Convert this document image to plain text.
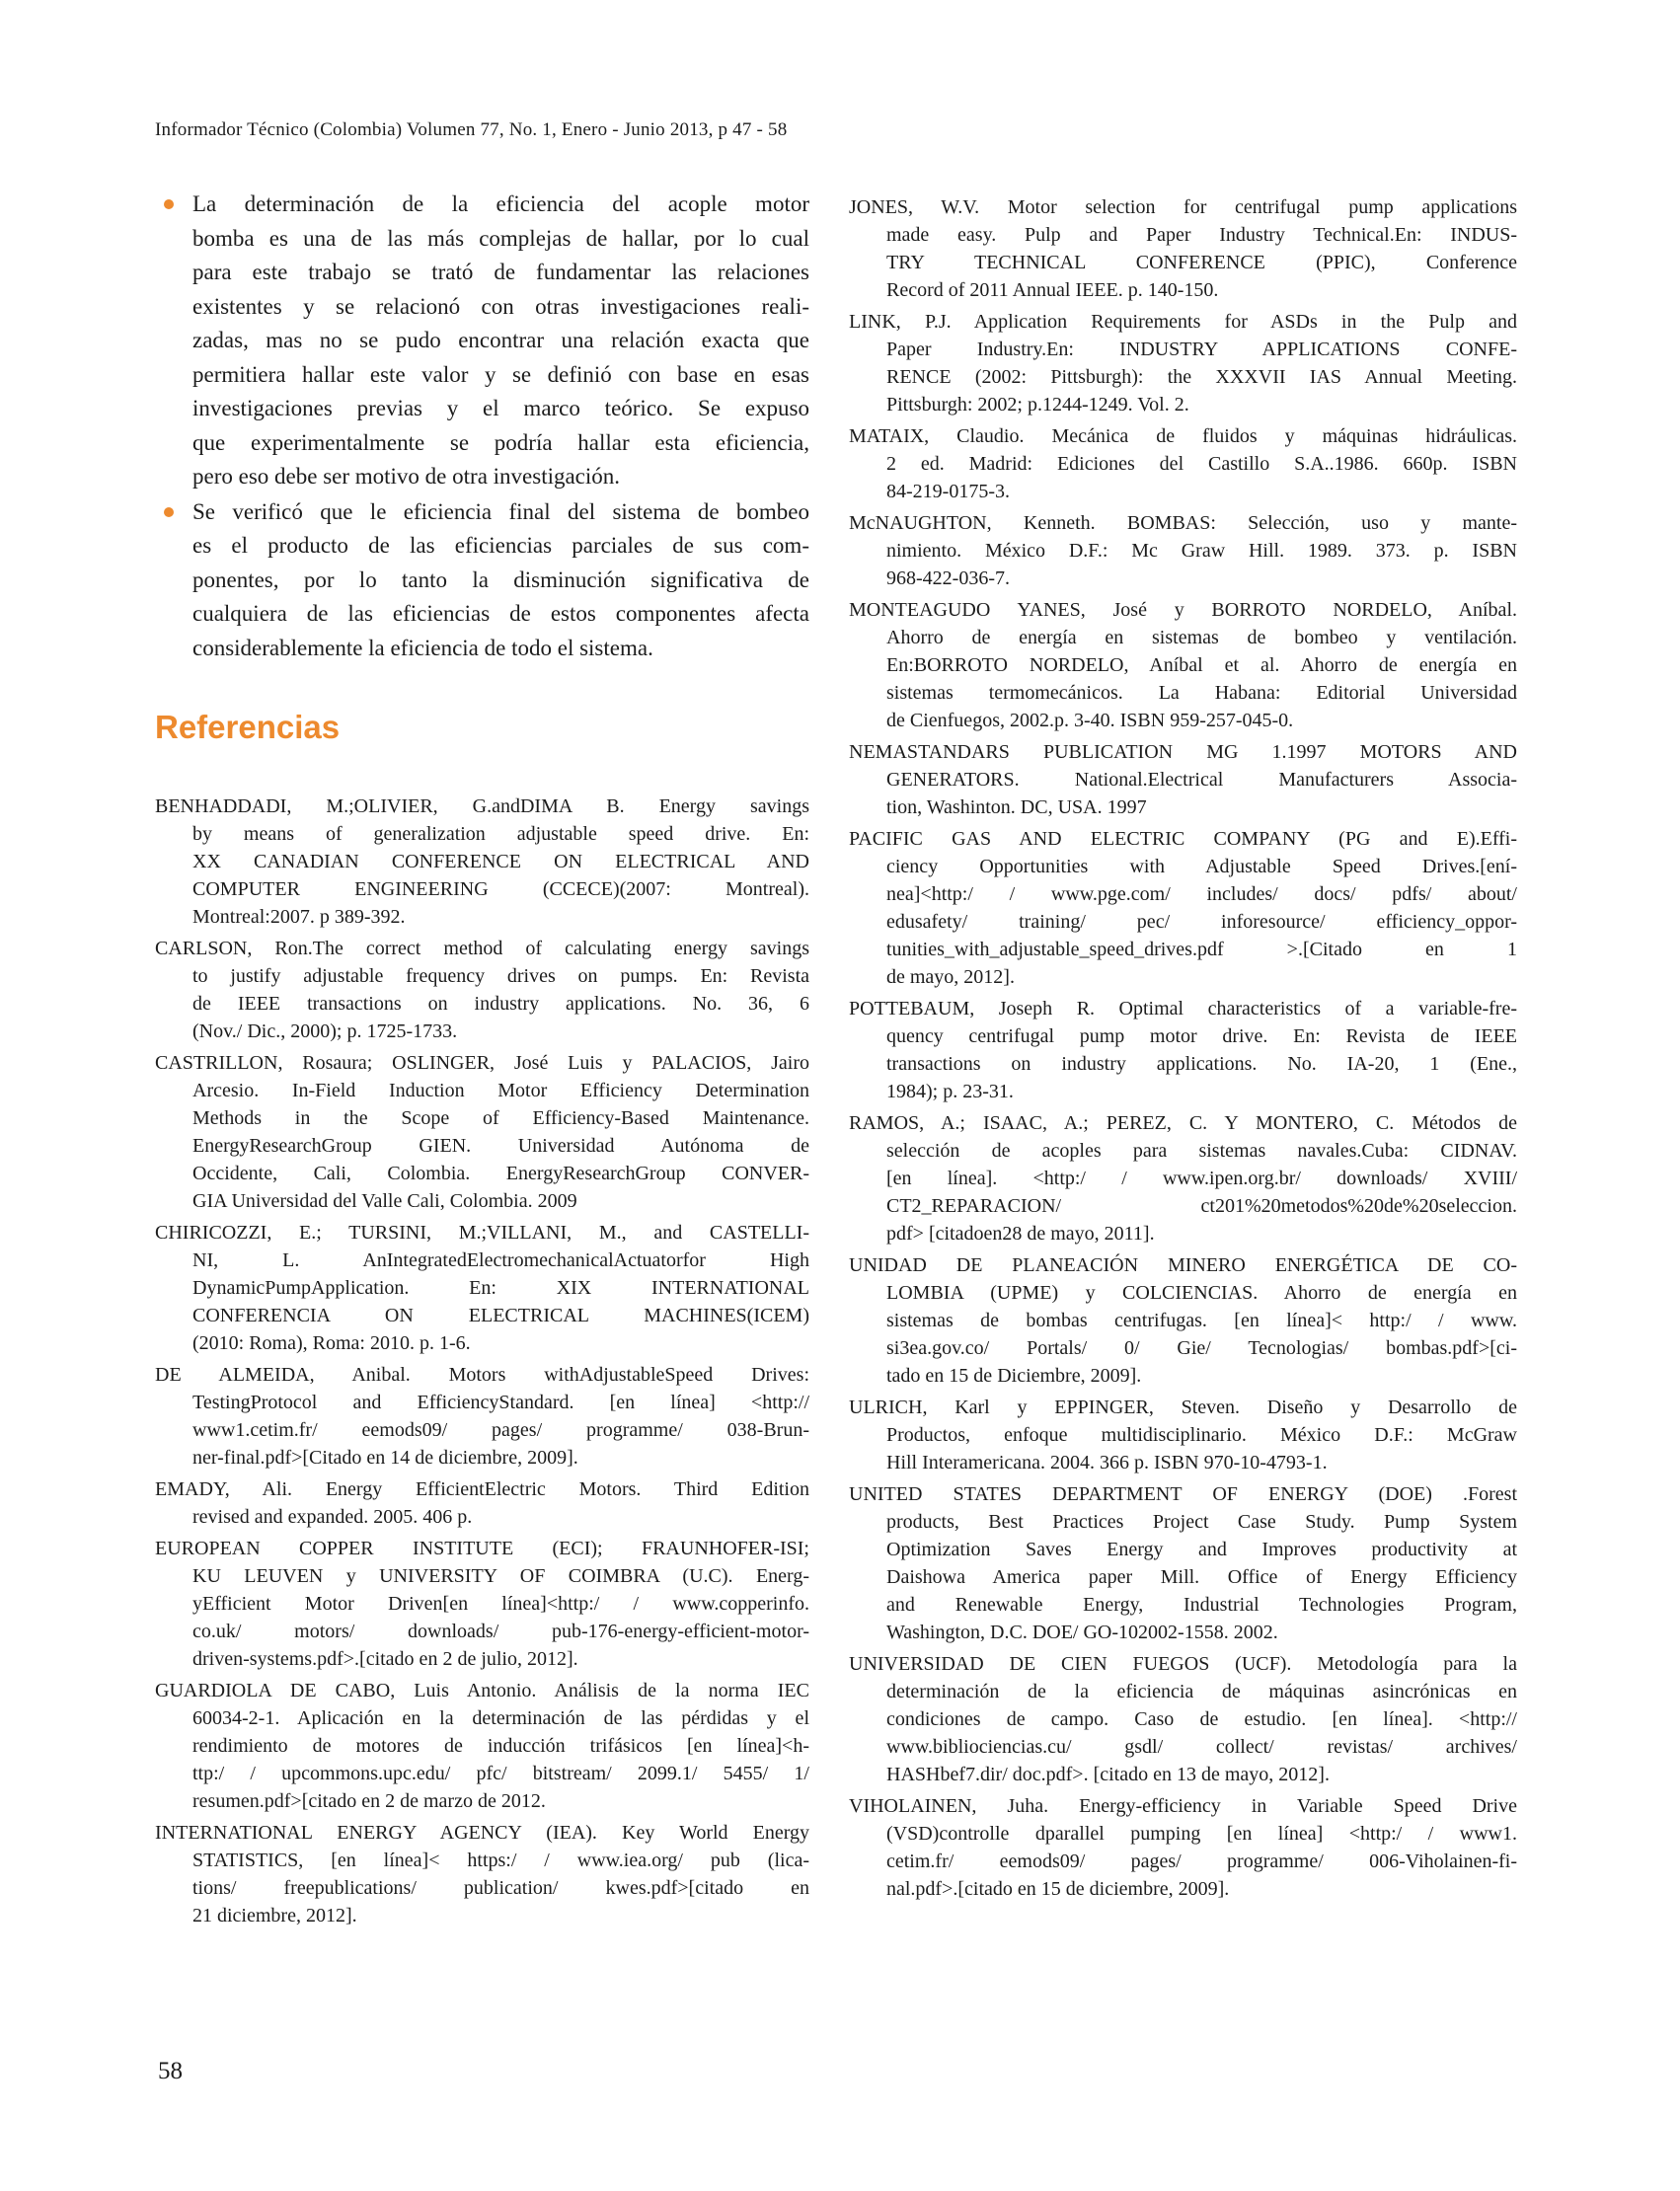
Informador Técnico (Colombia) Volumen 77, No. 1, Enero - Junio 2013, p 47 - 58
La determinación de la eficiencia del acople motor
bomba es una de las más complejas de hallar, por lo cual
para este trabajo se trató de fundamentar las relaciones
existentes y se relacionó con otras investigaciones reali-
zadas, mas no se pudo encontrar una relación exacta que
permitiera hallar este valor y se definió con base en esas
investigaciones previas y el marco teórico. Se expuso
que experimentalmente se podría hallar esta eficiencia,
pero eso debe ser motivo de otra investigación.
Se verificó que le eficiencia final del sistema de bombeo
es el producto de las eficiencias parciales de sus com-
ponentes, por lo tanto la disminución significativa de
cualquiera de las eficiencias de estos componentes afecta
considerablemente la eficiencia de todo el sistema.
Referencias
BENHADDADI, M.;OLIVIER, G.andDIMA B. Energy savings
by means of generalization adjustable speed drive. En:
XX CANADIAN CONFERENCE ON ELECTRICAL AND
COMPUTER ENGINEERING (CCECE)(2007: Montreal).
Montreal:2007. p 389-392.
CARLSON, Ron.The correct method of calculating energy savings
to justify adjustable frequency drives on pumps. En: Revista
de IEEE transactions on industry applications. No. 36, 6
(Nov./ Dic., 2000); p. 1725-1733.
CASTRILLON, Rosaura; OSLINGER, José Luis y PALACIOS, Jairo
Arcesio. In-Field Induction Motor Efficiency Determination
Methods in the Scope of Efficiency-Based Maintenance.
EnergyResearchGroup GIEN. Universidad Autónoma de
Occidente, Cali, Colombia. EnergyResearchGroup CONVER-
GIA Universidad del Valle Cali, Colombia. 2009
CHIRICOZZI, E.; TURSINI, M.;VILLANI, M., and CASTELLI-
NI, L. AnIntegratedElectromechanicalActuatorfor High
DynamicPumpApplication. En: XIX INTERNATIONAL
CONFERENCIA ON ELECTRICAL MACHINES(ICEM)
(2010: Roma), Roma: 2010. p. 1-6.
DE ALMEIDA, Anibal. Motors withAdjustableSpeed Drives:
TestingProtocol and EfficiencyStandard. [en línea] <http://
www1.cetim.fr/ eemods09/ pages/ programme/ 038-Brun-
ner-final.pdf>[Citado en 14 de diciembre, 2009].
EMADY, Ali. Energy EfficientElectric Motors. Third Edition
revised and expanded. 2005. 406 p.
EUROPEAN COPPER INSTITUTE (ECI); FRAUNHOFER-ISI;
KU LEUVEN y UNIVERSITY OF COIMBRA (U.C). Energ-
yEfficient Motor Driven[en línea]<http:/ / www.copperinfo.
co.uk/ motors/ downloads/ pub-176-energy-efficient-motor-
driven-systems.pdf>.[citado en 2 de julio, 2012].
GUARDIOLA DE CABO, Luis Antonio. Análisis de la norma IEC
60034-2-1. Aplicación en la determinación de las pérdidas y el
rendimiento de motores de inducción trifásicos [en línea]<h-
ttp:/ / upcommons.upc.edu/ pfc/ bitstream/ 2099.1/ 5455/ 1/
resumen.pdf>[citado en 2 de marzo de 2012.
INTERNATIONAL ENERGY AGENCY (IEA). Key World Energy
STATISTICS, [en línea]< https:/ / www.iea.org/ pub (lica-
tions/ freepublications/ publication/ kwes.pdf>[citado en
21 diciembre, 2012].
JONES, W.V. Motor selection for centrifugal pump applications
made easy. Pulp and Paper Industry Technical.En: INDUS-
TRY TECHNICAL CONFERENCE (PPIC), Conference
Record of 2011 Annual IEEE. p. 140-150.
LINK, P.J. Application Requirements for ASDs in the Pulp and
Paper Industry.En: INDUSTRY APPLICATIONS CONFE-
RENCE (2002: Pittsburgh): the XXXVII IAS Annual Meeting.
Pittsburgh: 2002; p.1244-1249. Vol. 2.
MATAIX, Claudio. Mecánica de fluidos y máquinas hidráulicas.
2 ed. Madrid: Ediciones del Castillo S.A..1986. 660p. ISBN
84-219-0175-3.
McNAUGHTON, Kenneth. BOMBAS: Selección, uso y mante-
nimiento. México D.F.: Mc Graw Hill. 1989. 373. p. ISBN
968-422-036-7.
MONTEAGUDO YANES, José y BORROTO NORDELO, Aníbal.
Ahorro de energía en sistemas de bombeo y ventilación.
En:BORROTO NORDELO, Aníbal et al. Ahorro de energía en
sistemas termomecánicos. La Habana: Editorial Universidad
de Cienfuegos, 2002.p. 3-40. ISBN 959-257-045-0.
NEMASTANDARS PUBLICATION MG 1.1997 MOTORS AND
GENERATORS. National.Electrical Manufacturers Associa-
tion, Washinton. DC, USA. 1997
PACIFIC GAS AND ELECTRIC COMPANY (PG and E).Effi-
ciency Opportunities with Adjustable Speed Drives.[ení-
nea]<http:/ / www.pge.com/ includes/ docs/ pdfs/ about/
edusafety/ training/ pec/ inforesource/ efficiency_oppor-
tunities_with_adjustable_speed_drives.pdf >.[Citado en 1
de mayo, 2012].
POTTEBAUM, Joseph R. Optimal characteristics of a variable-fre-
quency centrifugal pump motor drive. En: Revista de IEEE
transactions on industry applications. No. IA-20, 1 (Ene.,
1984); p. 23-31.
RAMOS, A.; ISAAC, A.; PEREZ, C. Y MONTERO, C. Métodos de
selección de acoples para sistemas navales.Cuba: CIDNAV.
[en línea]. <http:/ / www.ipen.org.br/ downloads/ XVIII/
CT2_REPARACION/ ct201%20metodos%20de%20seleccion.
pdf> [citadoen28 de mayo, 2011].
UNIDAD DE PLANEACIÓN MINERO ENERGÉTICA DE CO-
LOMBIA (UPME) y COLCIENCIAS. Ahorro de energía en
sistemas de bombas centrifugas. [en línea]< http:/ / www.
si3ea.gov.co/ Portals/ 0/ Gie/ Tecnologias/ bombas.pdf>[ci-
tado en 15 de Diciembre, 2009].
ULRICH, Karl y EPPINGER, Steven. Diseño y Desarrollo de
Productos, enfoque multidisciplinario. México D.F.: McGraw
Hill Interamericana. 2004. 366 p. ISBN 970-10-4793-1.
UNITED STATES DEPARTMENT OF ENERGY (DOE) .Forest
products, Best Practices Project Case Study. Pump System
Optimization Saves Energy and Improves productivity at
Daishowa America paper Mill. Office of Energy Efficiency
and Renewable Energy, Industrial Technologies Program,
Washington, D.C. DOE/ GO-102002-1558. 2002.
UNIVERSIDAD DE CIEN FUEGOS (UCF). Metodología para la
determinación de la eficiencia de máquinas asincrónicas en
condiciones de campo. Caso de estudio. [en línea]. <http://
www.bibliociencias.cu/ gsdl/ collect/ revistas/ archives/
HASHbef7.dir/ doc.pdf>. [citado en 13 de mayo, 2012].
VIHOLAINEN, Juha. Energy-efficiency in Variable Speed Drive
(VSD)controlle dparallel pumping [en línea] <http:/ / www1.
cetim.fr/ eemods09/ pages/ programme/ 006-Viholainen-fi-
nal.pdf>.[citado en 15 de diciembre, 2009].
58
